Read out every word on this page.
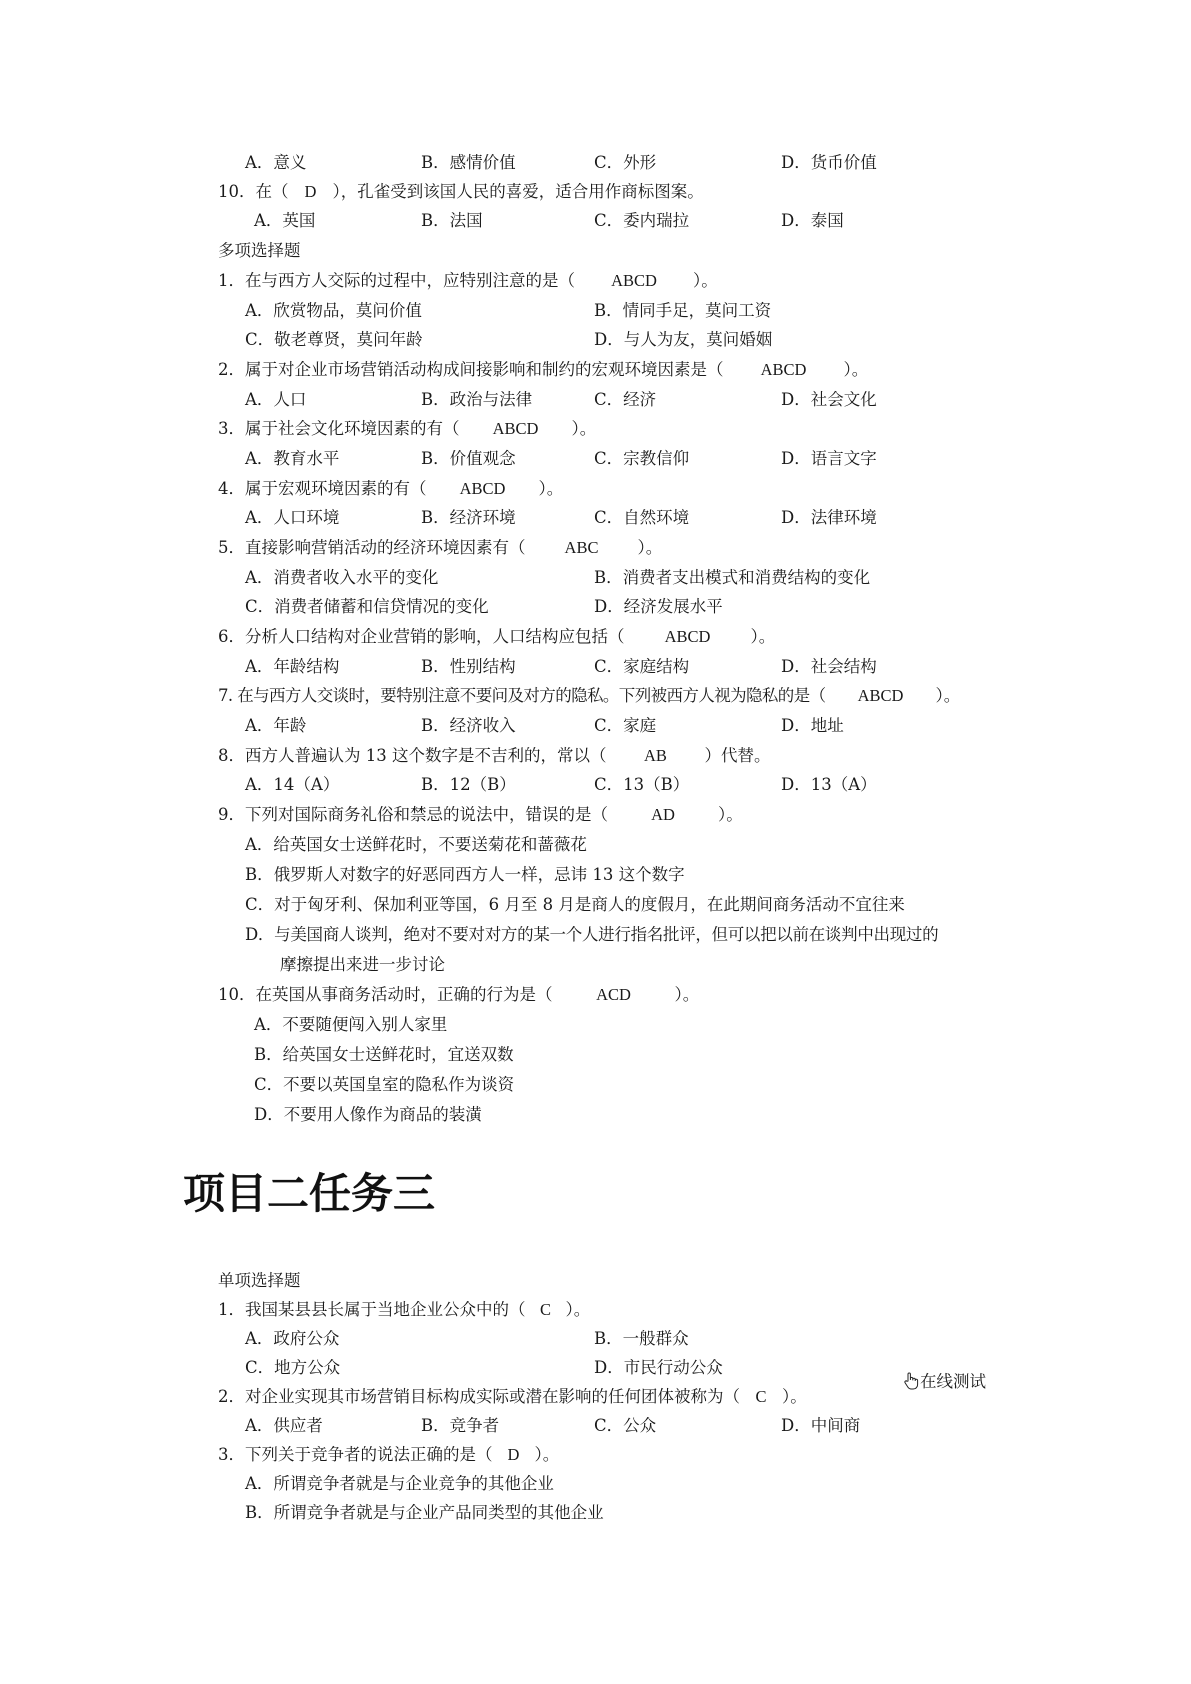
A．意义	B．感情价值	C．外形	D．货币价值
10．在（ D ），孔雀受到该国人民的喜爱，适合用作商标图案。
A．英国	B．法国	C．委内瑞拉	D．泰国
多项选择题
1．在与西方人交际的过程中，应特别注意的是（ ABCD ）。
A．欣赏物品，莫问价值	B．情同手足，莫问工资
C．敬老尊贤，莫问年龄	D．与人为友，莫问婚姻
2．属于对企业市场营销活动构成间接影响和制约的宏观环境因素是（ ABCD ）。
A．人口	B．政治与法律	C．经济	D．社会文化
3．属于社会文化环境因素的有（ ABCD ）。
A．教育水平	B．价值观念	C．宗教信仰	D．语言文字
4．属于宏观环境因素的有（ ABCD ）。
A．人口环境	B．经济环境	C．自然环境	D．法律环境
5．直接影响营销活动的经济环境因素有（ ABC ）。
A．消费者收入水平的变化	B．消费者支出模式和消费结构的变化
C．消费者储蓄和信贷情况的变化	D．经济发展水平
6．分析人口结构对企业营销的影响，人口结构应包括（ ABCD ）。
A．年龄结构	B．性别结构	C．家庭结构	D．社会结构
7. 在与西方人交谈时，要特别注意不要问及对方的隐私。下列被西方人视为隐私的是（ ABCD ）。
A．年龄	B．经济收入	C．家庭	D．地址
8．西方人普遍认为 13 这个数字是不吉利的，常以（ AB ）代替。
A．14（A）	B．12（B）	C．13（B）	D．13（A）
9．下列对国际商务礼俗和禁忌的说法中，错误的是（	AD	）。
A．给英国女士送鲜花时，不要送菊花和蔷薇花
B．俄罗斯人对数字的好恶同西方人一样，忌讳 13 这个数字
C．对于匈牙利、保加利亚等国，6 月至 8 月是商人的度假月，在此期间商务活动不宜往来
D．与美国商人谈判，绝对不要对对方的某一个人进行指名批评，但可以把以前在谈判中出现过的
摩擦提出来进一步讨论
10．在英国从事商务活动时，正确的行为是（	ACD	）。
A．不要随便闯入别人家里
B．给英国女士送鲜花时，宜送双数
C．不要以英国皇室的隐私作为谈资
D．不要用人像作为商品的装潢
项目二任务三
单项选择题
1．我国某县县长属于当地企业公众中的（ C ）。
A．政府公众	B．一般群众
C．地方公众	D．市民行动公众
2．对企业实现其市场营销目标构成实际或潜在影响的任何团体被称为（ C ）。
A．供应者	B．竞争者	C．公众	D．中间商
3．下列关于竞争者的说法正确的是（ D ）。
A．所谓竞争者就是与企业竞争的其他企业
B．所谓竞争者就是与企业产品同类型的其他企业
在线测试
